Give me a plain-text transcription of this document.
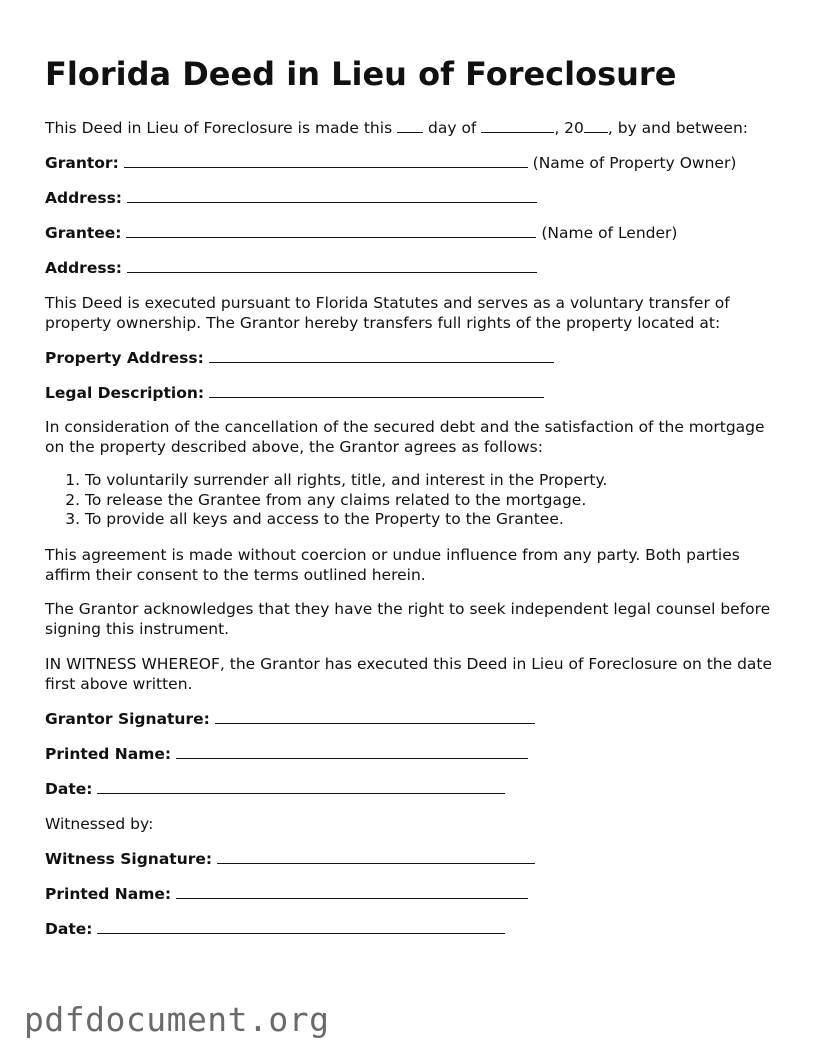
Florida Deed in Lieu of Foreclosure
This Deed in Lieu of Foreclosure is made this  day of	, 20 , by and between:
Grantor:	(Name of Property Owner)
Address:
Grantee:	(Name of Lender)
Address:
This Deed is executed pursuant to Florida Statutes and serves as a voluntary transfer of property ownership. The Grantor hereby transfers full rights of the property located at:
Property Address:
Legal Description:
In consideration of the cancellation of the secured debt and the satisfaction of the mortgage on the property described above, the Grantor agrees as follows:
1. To voluntarily surrender all rights, title, and interest in the Property.
2. To release the Grantee from any claims related to the mortgage.
3. To provide all keys and access to the Property to the Grantee.
This agreement is made without coercion or undue influence from any party. Both parties affirm their consent to the terms outlined herein.
The Grantor acknowledges that they have the right to seek independent legal counsel before signing this instrument.
IN WITNESS WHEREOF, the Grantor has executed this Deed in Lieu of Foreclosure on the date first above written.
Grantor Signature:
Printed Name:
Date:
Witnessed by:
Witness Signature:
Printed Name:
Date:
pdfdocument.org
